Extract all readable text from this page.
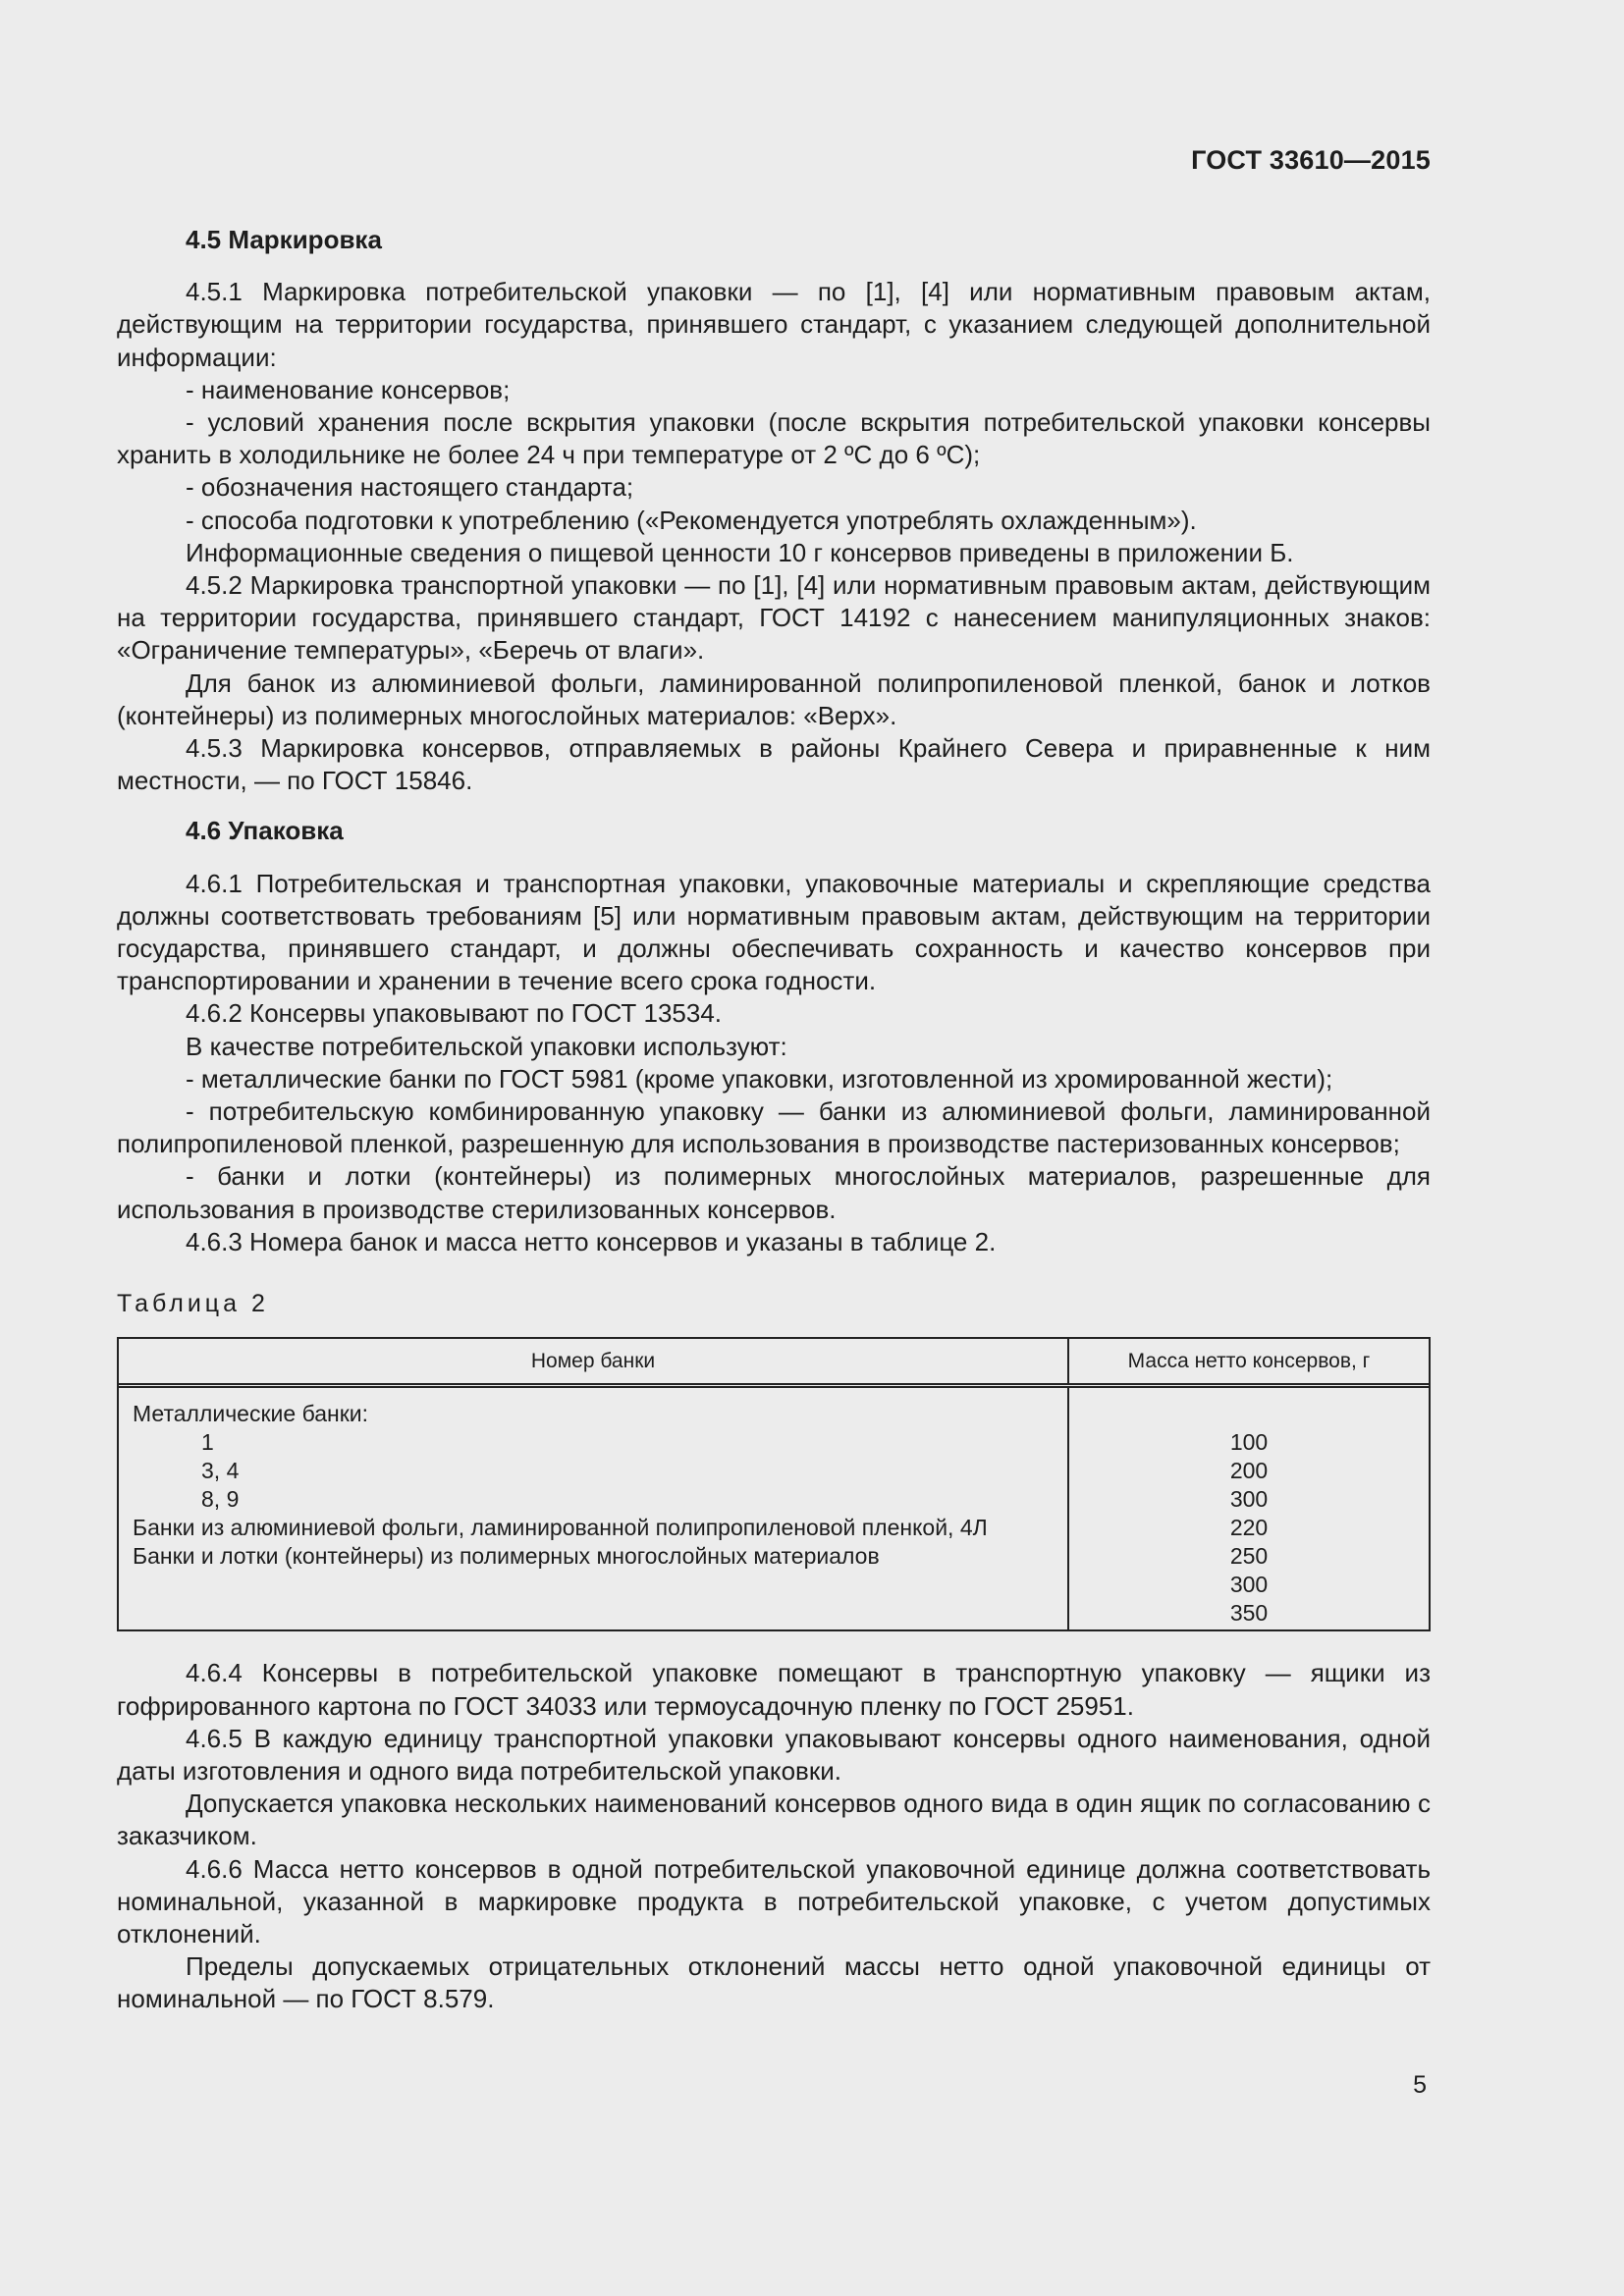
ГОСТ 33610—2015

4.5 Маркировка

4.5.1 Маркировка потребительской упаковки — по [1], [4] или нормативным правовым актам, действующим на территории государства, принявшего стандарт, с указанием следующей дополнительной информации:

- наименование консервов;

- условий хранения после вскрытия упаковки (после вскрытия потребительской упаковки консервы хранить в холодильнике не более 24 ч при температуре от 2 ºС до 6 ºС);

- обозначения настоящего стандарта;

- способа подготовки к употреблению («Рекомендуется употреблять охлажденным»).

Информационные сведения о пищевой ценности 10 г консервов приведены в приложении Б.

4.5.2 Маркировка транспортной упаковки — по [1], [4] или нормативным правовым актам, действующим на территории государства, принявшего стандарт, ГОСТ 14192 с нанесением манипуляционных знаков: «Ограничение температуры», «Беречь от влаги».

Для банок из алюминиевой фольги, ламинированной полипропиленовой пленкой, банок и лотков (контейнеры) из полимерных многослойных материалов: «Верх».

4.5.3 Маркировка консервов, отправляемых в районы Крайнего Севера и приравненные к ним местности, — по ГОСТ 15846.

4.6 Упаковка

4.6.1 Потребительская и транспортная упаковки, упаковочные материалы и скрепляющие средства должны соответствовать требованиям [5] или нормативным правовым актам, действующим на территории государства, принявшего стандарт, и должны обеспечивать сохранность и качество консервов при транспортировании и хранении в течение всего срока годности.

4.6.2 Консервы упаковывают по ГОСТ 13534.

В качестве потребительской упаковки используют:

- металлические банки по ГОСТ 5981 (кроме упаковки, изготовленной из хромированной жести);

- потребительскую комбинированную упаковку — банки из алюминиевой фольги, ламинированной полипропиленовой пленкой, разрешенную для использования в производстве пастеризованных консервов;

- банки и лотки (контейнеры) из полимерных многослойных материалов, разрешенные для использования в производстве стерилизованных консервов.

4.6.3 Номера банок и масса нетто консервов и указаны в таблице 2.

Таблица 2
Номер банки	Масса нетто консервов, г
Металлические банки:
1
3, 4
8, 9
Банки из алюминиевой фольги, ламинированной полипропиленовой пленкой, 4Л
Банки и лотки (контейнеры) из полимерных многослойных материалов
100
200
300
220
250
300
350

4.6.4 Консервы в потребительской упаковке помещают в транспортную упаковку — ящики из гофрированного картона по ГОСТ 34033 или термоусадочную пленку по ГОСТ 25951.

4.6.5 В каждую единицу транспортной упаковки упаковывают консервы одного наименования, одной даты изготовления и одного вида потребительской упаковки.

Допускается упаковка нескольких наименований консервов одного вида в один ящик по согласованию с заказчиком.

4.6.6 Масса нетто консервов в одной потребительской упаковочной единице должна соответствовать номинальной, указанной в маркировке продукта в потребительской упаковке, с учетом допустимых отклонений.

Пределы допускаемых отрицательных отклонений массы нетто одной упаковочной единицы от номинальной — по ГОСТ 8.579.

5
